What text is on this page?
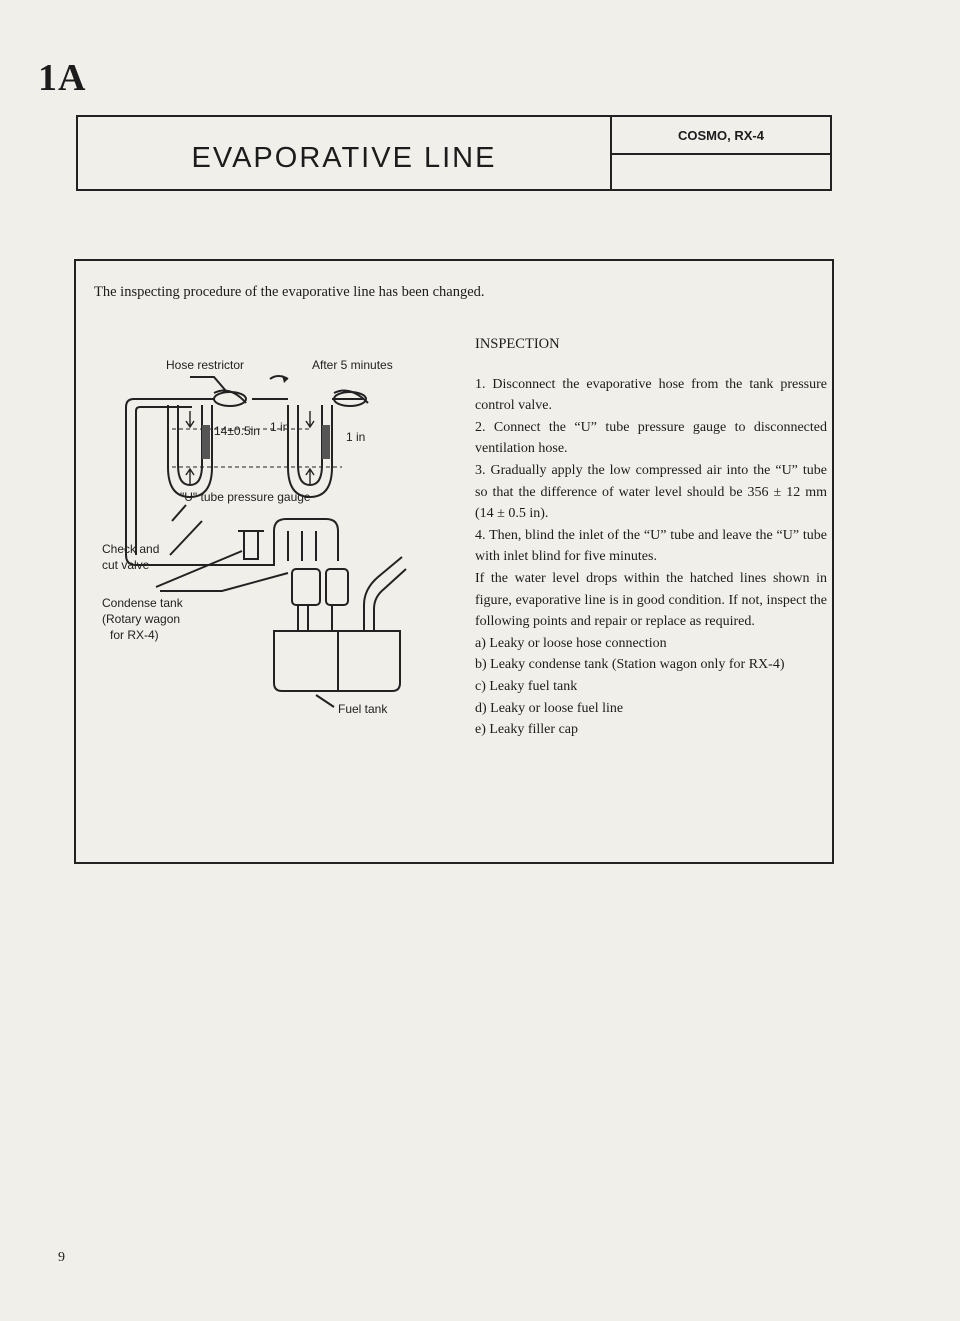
1A
EVAPORATIVE LINE
COSMO, RX-4
The inspecting procedure of the evaporative line has been changed.
Hose restrictor	After 5 minutes
14±0.5in 1 in
1 in
"U" tube pressure gauge
Check and
cut valve
Condense tank
(Rotary wagon
for RX-4)
Fuel tank

INSPECTION

1. Disconnect the evaporative hose from the tank pressure control valve.

2. Connect the “U” tube pressure gauge to disconnected ventilation hose.

3. Gradually apply the low compressed air into the “U” tube so that the difference of water level should be 356 ± 12 mm (14 ± 0.5 in).

4. Then, blind the inlet of the “U” tube and leave the “U” tube with inlet blind for five minutes.

If the water level drops within the hatched lines shown in figure, evaporative line is in good condition. If not, inspect the following points and repair or replace as required.

a) Leaky or loose hose connection

b) Leaky condense tank (Station wagon only for RX-4)

c) Leaky fuel tank

d) Leaky or loose fuel line

e) Leaky filler cap

9
